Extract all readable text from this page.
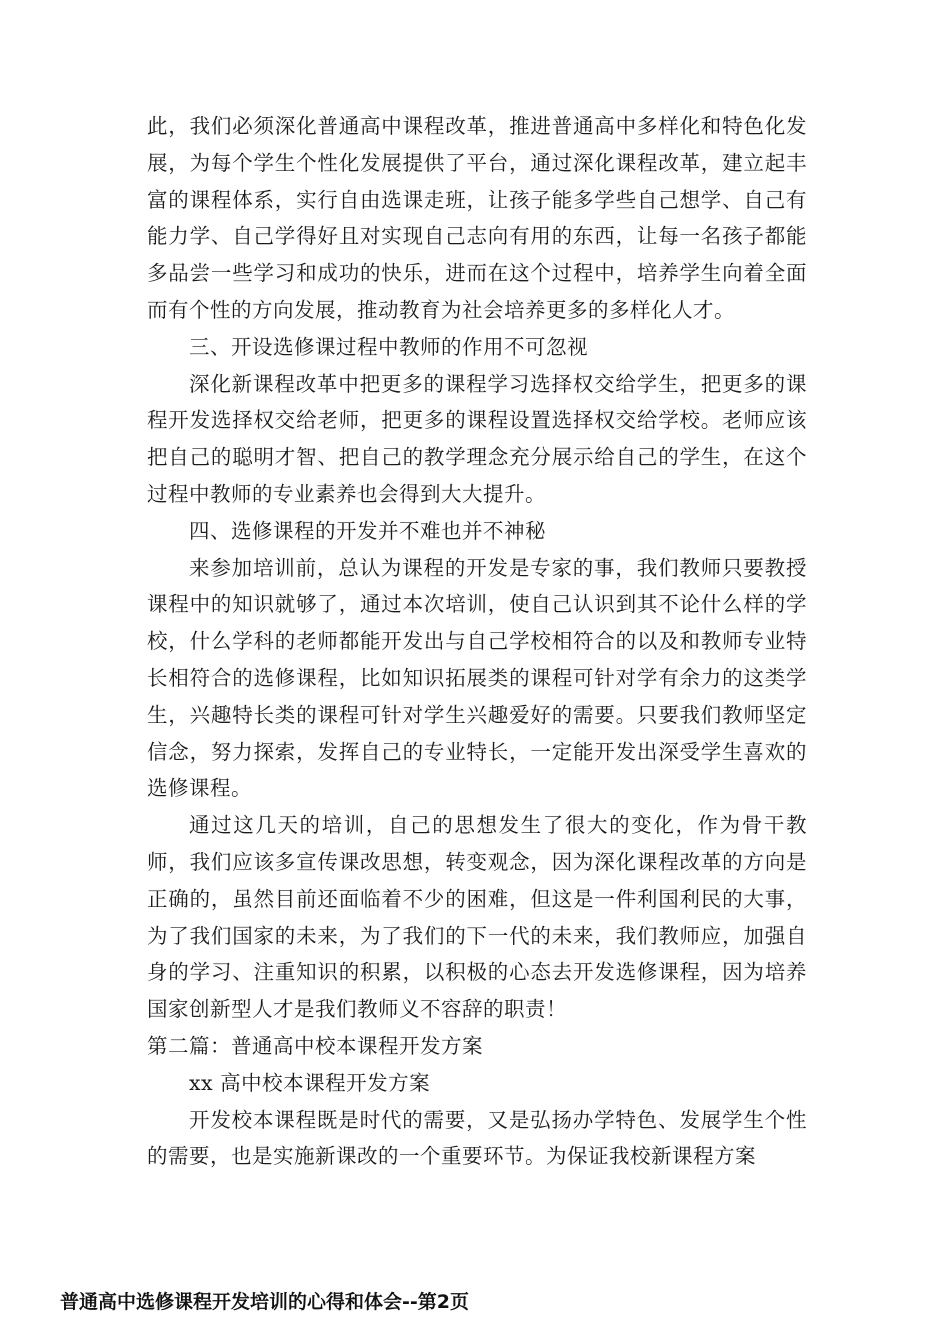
此，我们必须深化普通高中课程改革，推进普通高中多样化和特色化发展，为每个学生个性化发展提供了平台，通过深化课程改革，建立起丰富的课程体系，实行自由选课走班，让孩子能多学些自己想学、自己有能力学、自己学得好且对实现自己志向有用的东西，让每一名孩子都能多品尝一些学习和成功的快乐，进而在这个过程中，培养学生向着全面而有个性的方向发展，推动教育为社会培养更多的多样化人才。

三、开设选修课过程中教师的作用不可忽视

深化新课程改革中把更多的课程学习选择权交给学生，把更多的课程开发选择权交给老师，把更多的课程设置选择权交给学校。老师应该把自己的聪明才智、把自己的教学理念充分展示给自己的学生，在这个过程中教师的专业素养也会得到大大提升。

四、选修课程的开发并不难也并不神秘

来参加培训前，总认为课程的开发是专家的事，我们教师只要教授课程中的知识就够了，通过本次培训，使自己认识到其不论什么样的学校，什么学科的老师都能开发出与自己学校相符合的以及和教师专业特长相符合的选修课程，比如知识拓展类的课程可针对学有余力的这类学生，兴趣特长类的课程可针对学生兴趣爱好的需要。只要我们教师坚定信念，努力探索，发挥自己的专业特长，一定能开发出深受学生喜欢的选修课程。

通过这几天的培训，自己的思想发生了很大的变化，作为骨干教师，我们应该多宣传课改思想，转变观念，因为深化课程改革的方向是正确的，虽然目前还面临着不少的困难，但这是一件利国利民的大事，为了我们国家的未来，为了我们的下一代的未来，我们教师应，加强自身的学习、注重知识的积累，以积极的心态去开发选修课程，因为培养国家创新型人才是我们教师义不容辞的职责！

第二篇：普通高中校本课程开发方案

xx 高中校本课程开发方案

开发校本课程既是时代的需要，又是弘扬办学特色、发展学生个性的需要，也是实施新课改的一个重要环节。为保证我校新课程方案

普通高中选修课程开发培训的心得和体会--第2页
